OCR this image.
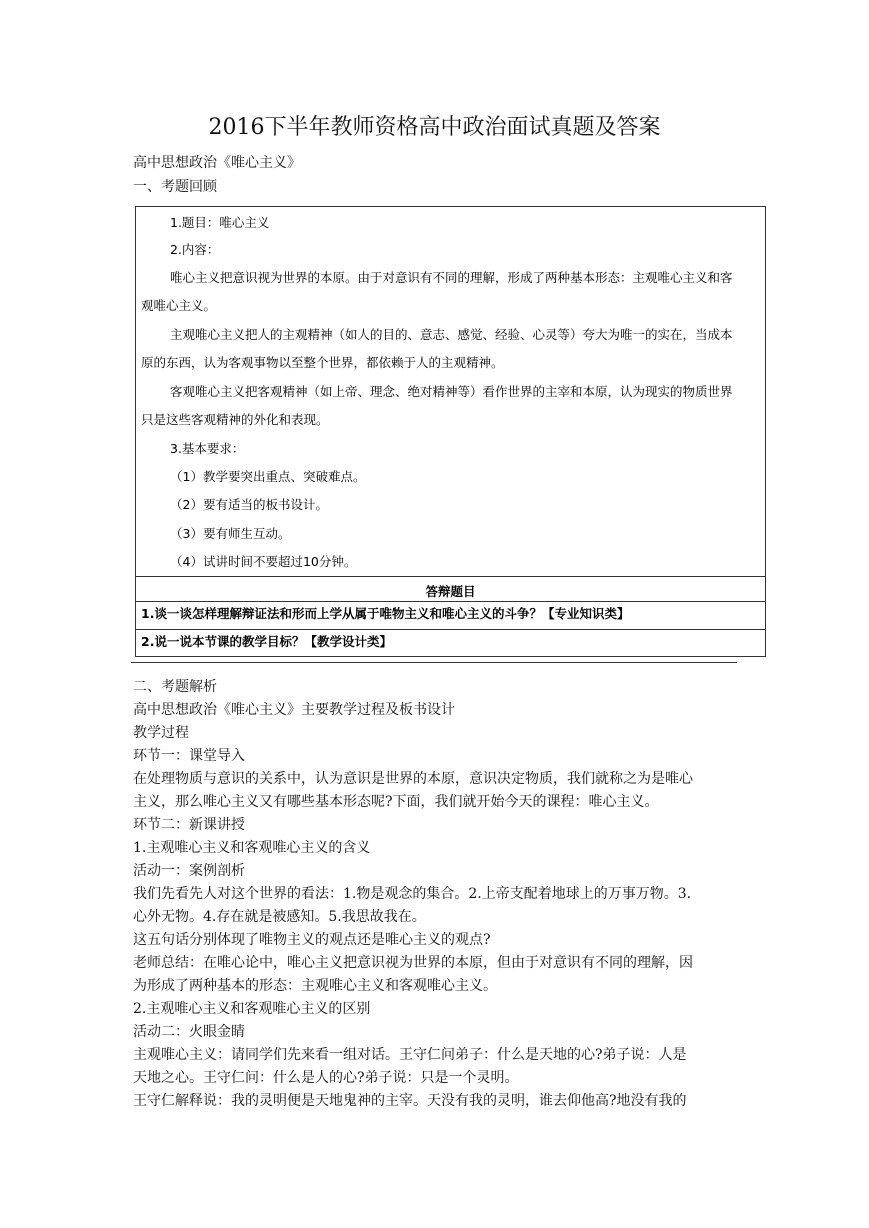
2016下半年教师资格高中政治面试真题及答案
高中思想政治《唯心主义》
一、考题回顾
1.题目：唯心主义
2.内容：
唯心主义把意识视为世界的本原。由于对意识有不同的理解，形成了两种基本形态：主观唯心主义和客
观唯心主义。
主观唯心主义把人的主观精神（如人的目的、意志、感觉、经验、心灵等）夸大为唯一的实在，当成本
原的东西，认为客观事物以至整个世界，都依赖于人的主观精神。
客观唯心主义把客观精神（如上帝、理念、绝对精神等）看作世界的主宰和本原，认为现实的物质世界
只是这些客观精神的外化和表现。
3.基本要求：
（1）教学要突出重点、突破难点。
（2）要有适当的板书设计。
（3）要有师生互动。
（4）试讲时间不要超过10分钟。
答辩题目
1.谈一谈怎样理解辩证法和形而上学从属于唯物主义和唯心主义的斗争？【专业知识类】
2.说一说本节课的教学目标？【教学设计类】
二、考题解析
高中思想政治《唯心主义》主要教学过程及板书设计
教学过程
环节一：课堂导入
在处理物质与意识的关系中，认为意识是世界的本原，意识决定物质，我们就称之为是唯心
主义，那么唯心主义又有哪些基本形态呢?下面，我们就开始今天的课程：唯心主义。
环节二：新课讲授
1.主观唯心主义和客观唯心主义的含义
活动一：案例剖析
我们先看先人对这个世界的看法：1.物是观念的集合。2.上帝支配着地球上的万事万物。3.
心外无物。4.存在就是被感知。5.我思故我在。
这五句话分别体现了唯物主义的观点还是唯心主义的观点?
老师总结：在唯心论中，唯心主义把意识视为世界的本原，但由于对意识有不同的理解，因
为形成了两种基本的形态：主观唯心主义和客观唯心主义。
2.主观唯心主义和客观唯心主义的区别
活动二：火眼金睛
主观唯心主义：请同学们先来看一组对话。王守仁问弟子：什么是天地的心?弟子说：人是
天地之心。王守仁问：什么是人的心?弟子说：只是一个灵明。
王守仁解释说：我的灵明便是天地鬼神的主宰。天没有我的灵明，谁去仰他高?地没有我的
